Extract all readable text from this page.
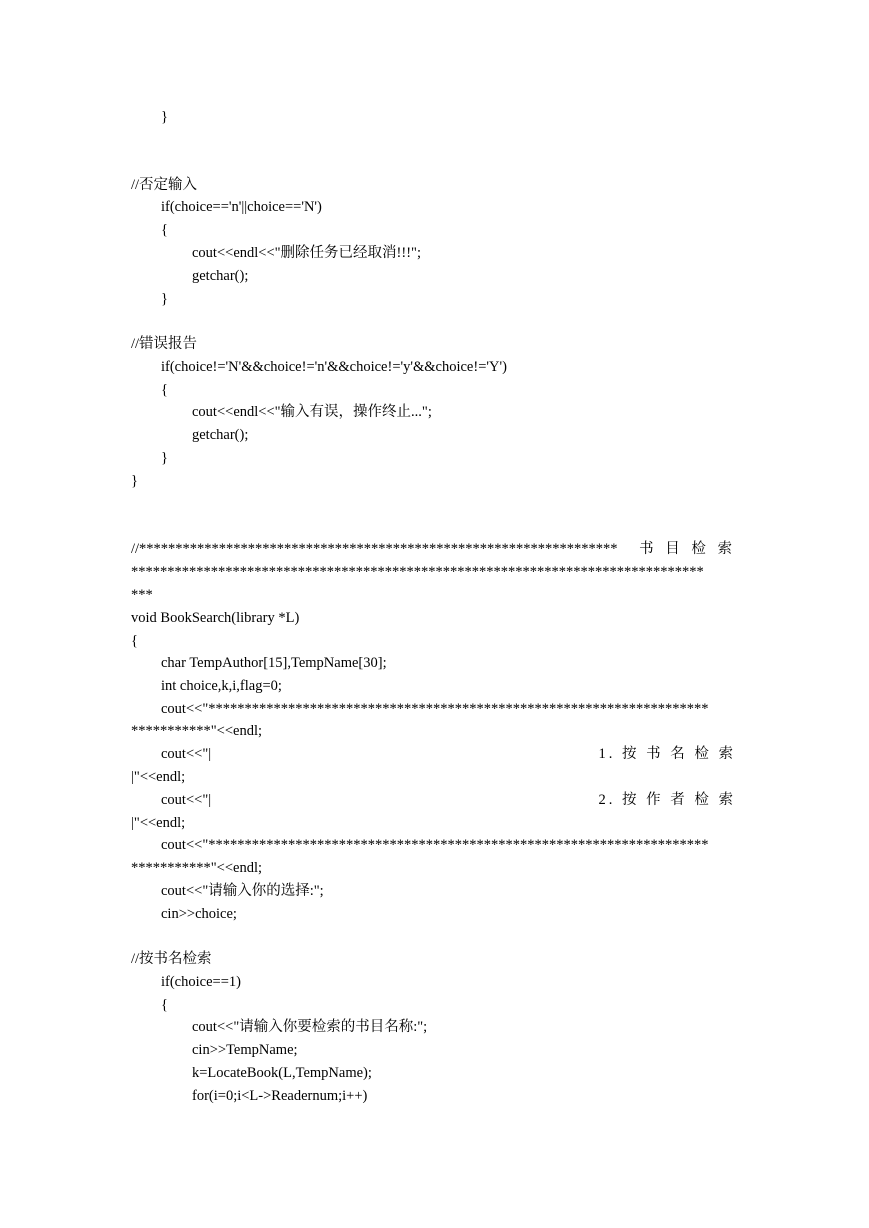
}
//否定输入
if(choice=='n'||choice=='N')
{
cout<<endl<<"删除任务已经取消!!!";
getchar();
}
//错误报告
if(choice!='N'&&choice!='n'&&choice!='y'&&choice!='Y')
{
cout<<endl<<"输入有误，操作终止...";
getchar();
}
}
//****************************************************************** 书 目 检 索
*******************************************************************************
***
void BookSearch(library *L)
{
char TempAuthor[15],TempName[30];
int choice,k,i,flag=0;
cout<<"*********************************************************************
***********"<<endl;
cout<<"|	1. 按 书 名 检 索
|"<<endl;
cout<<"|	2. 按 作 者 检 索
|"<<endl;
cout<<"*********************************************************************
***********"<<endl;
cout<<"请输入你的选择:";
cin>>choice;
//按书名检索
if(choice==1)
{
cout<<"请输入你要检索的书目名称:";
cin>>TempName;
k=LocateBook(L,TempName);
for(i=0;i<L->Readernum;i++)
